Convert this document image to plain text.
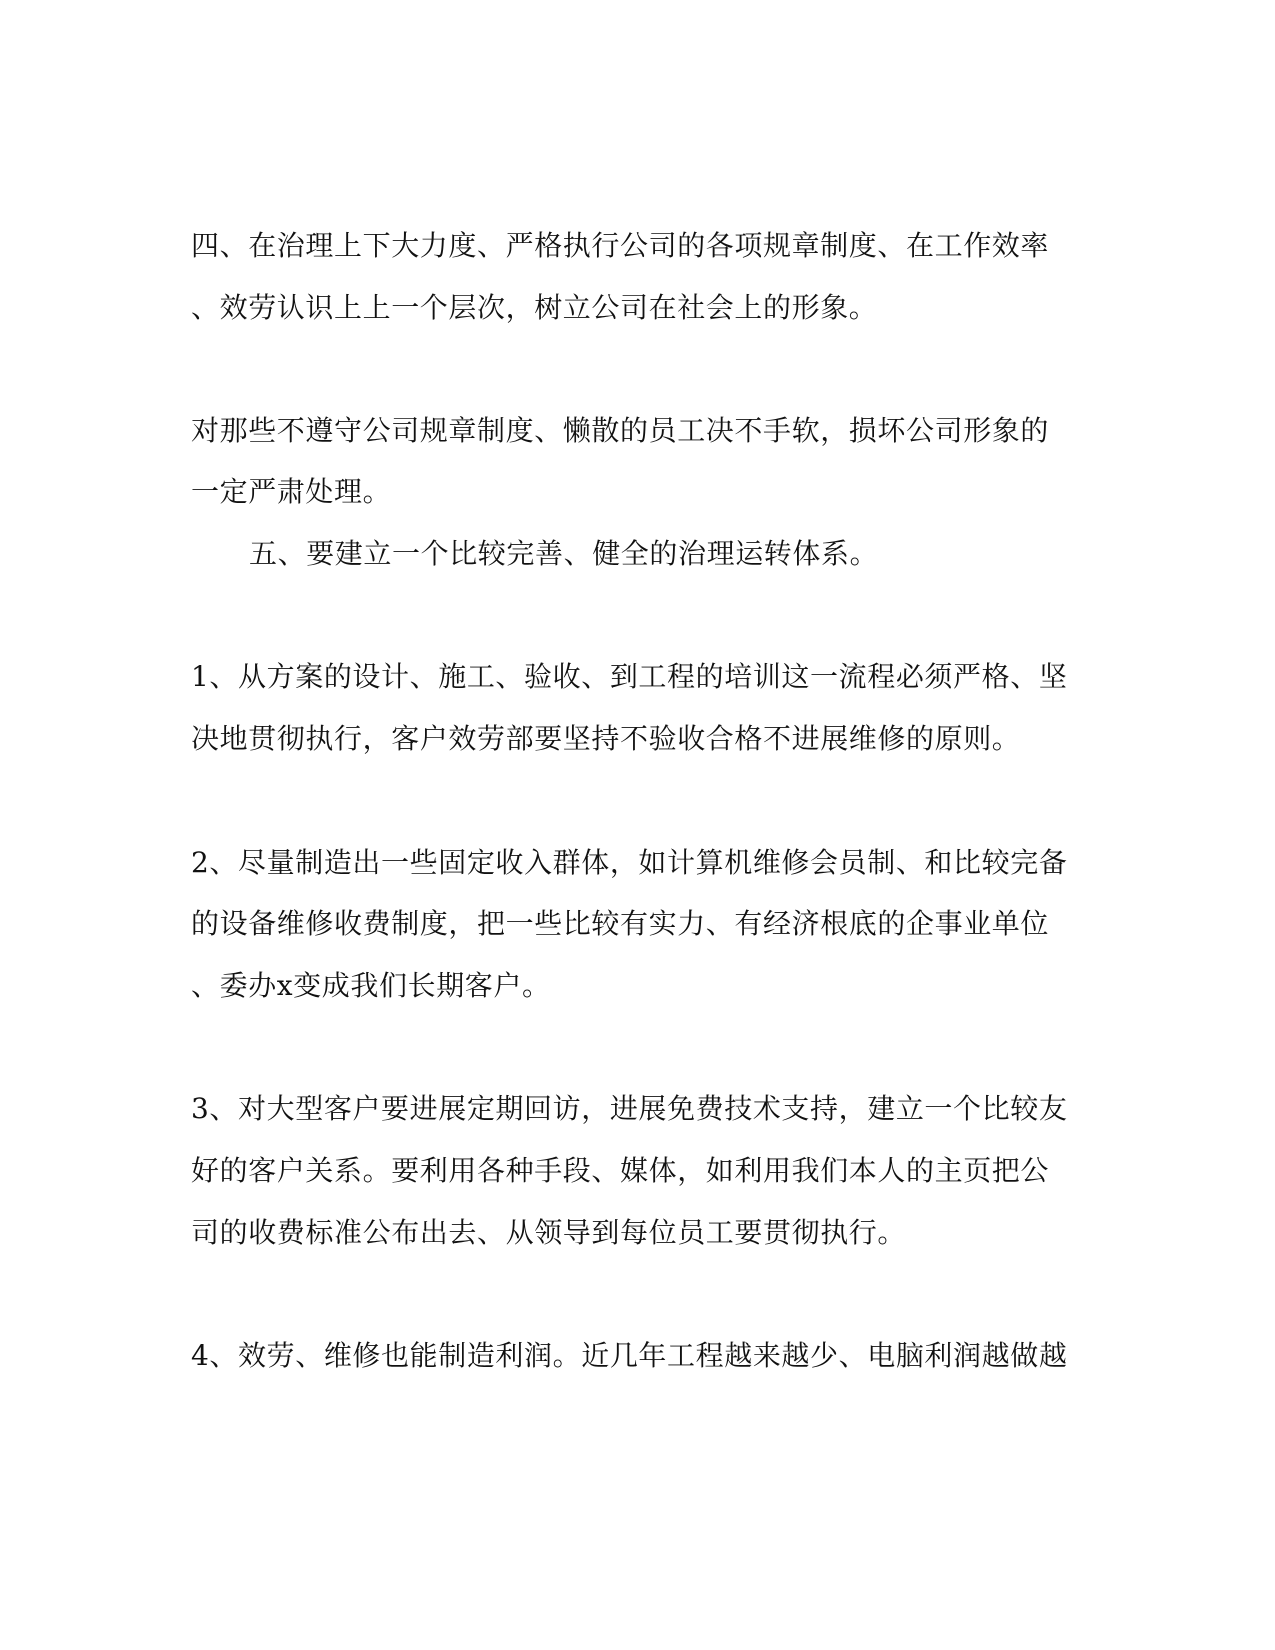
四、在治理上下大力度、严格执行公司的各项规章制度、在工作效率

、效劳认识上上一个层次，树立公司在社会上的形象。

对那些不遵守公司规章制度、懒散的员工决不手软，损坏公司形象的

一定严肃处理。

五、要建立一个比较完善、健全的治理运转体系。

1、从方案的设计、施工、验收、到工程的培训这一流程必须严格、坚

决地贯彻执行，客户效劳部要坚持不验收合格不进展维修的原则。

2、尽量制造出一些固定收入群体，如计算机维修会员制、和比较完备

的设备维修收费制度，把一些比较有实力、有经济根底的企事业单位

、委办x变成我们长期客户。

3、对大型客户要进展定期回访，进展免费技术支持，建立一个比较友

好的客户关系。要利用各种手段、媒体，如利用我们本人的主页把公

司的收费标准公布出去、从领导到每位员工要贯彻执行。

4、效劳、维修也能制造利润。近几年工程越来越少、电脑利润越做越
